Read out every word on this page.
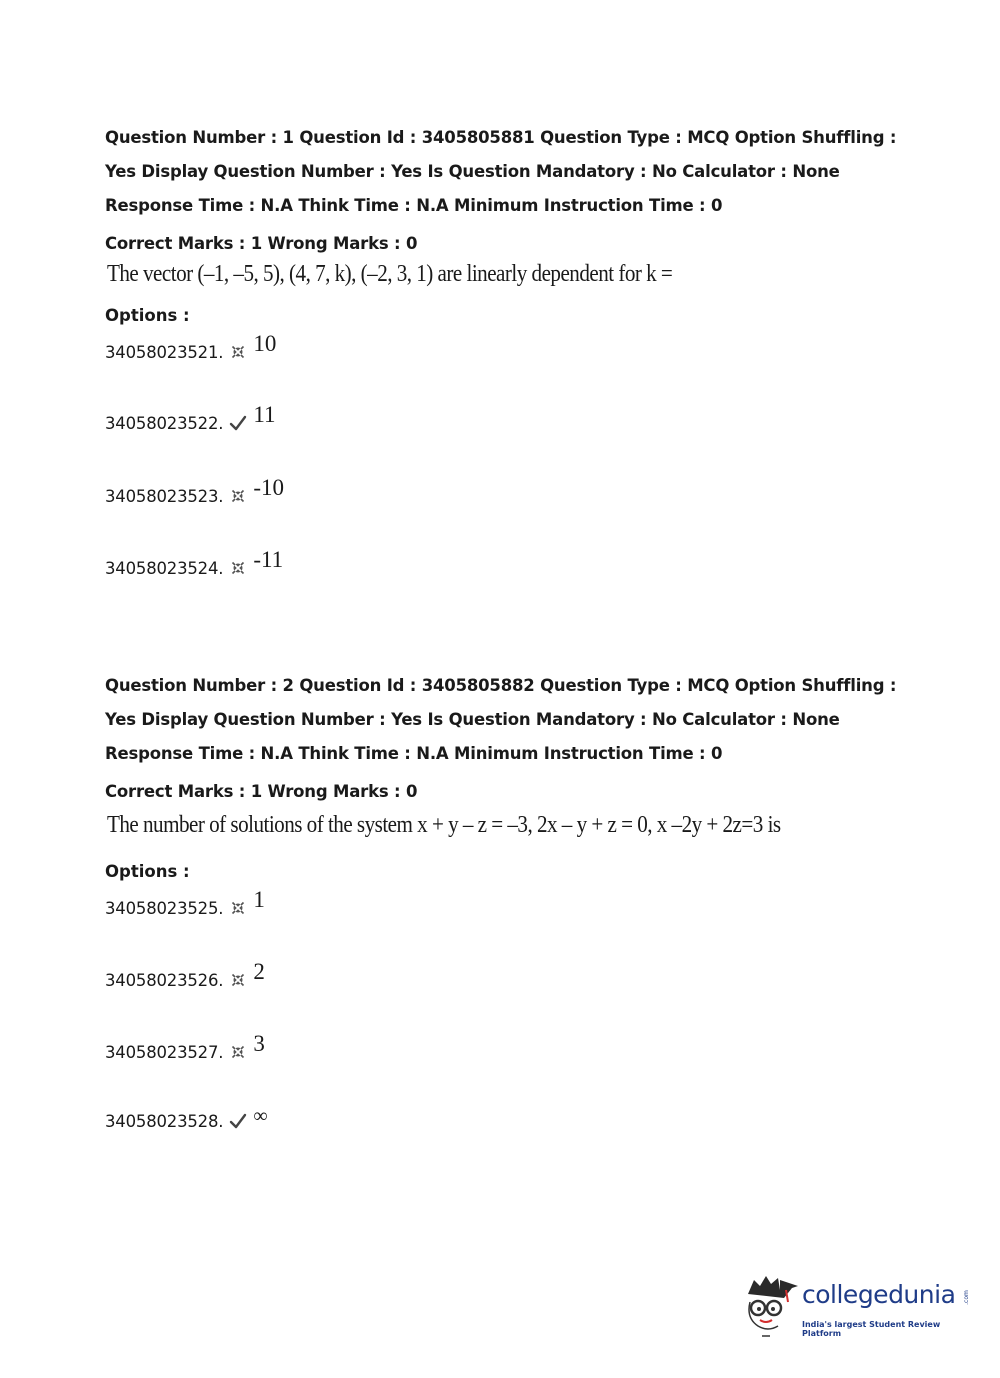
Question Number : 1 Question Id : 3405805881 Question Type : MCQ Option Shuffling : Yes Display Question Number : Yes Is Question Mandatory : No Calculator : None Response Time : N.A Think Time : N.A Minimum Instruction Time : 0
Correct Marks : 1 Wrong Marks : 0
The vector (–1, –5, 5), (4, 7, k), (–2, 3, 1) are linearly dependent for k =
Options :
34058023521. 10
34058023522. 11
34058023523. -10
34058023524. -11
Question Number : 2 Question Id : 3405805882 Question Type : MCQ Option Shuffling : Yes Display Question Number : Yes Is Question Mandatory : No Calculator : None Response Time : N.A Think Time : N.A Minimum Instruction Time : 0
Correct Marks : 1 Wrong Marks : 0
The number of solutions of the system x + y – z = –3, 2x – y + z = 0, x –2y + 2z=3 is
Options :
34058023525. 1
34058023526. 2
34058023527. 3
34058023528. ∞
collegedunia .com
India's largest Student Review Platform
